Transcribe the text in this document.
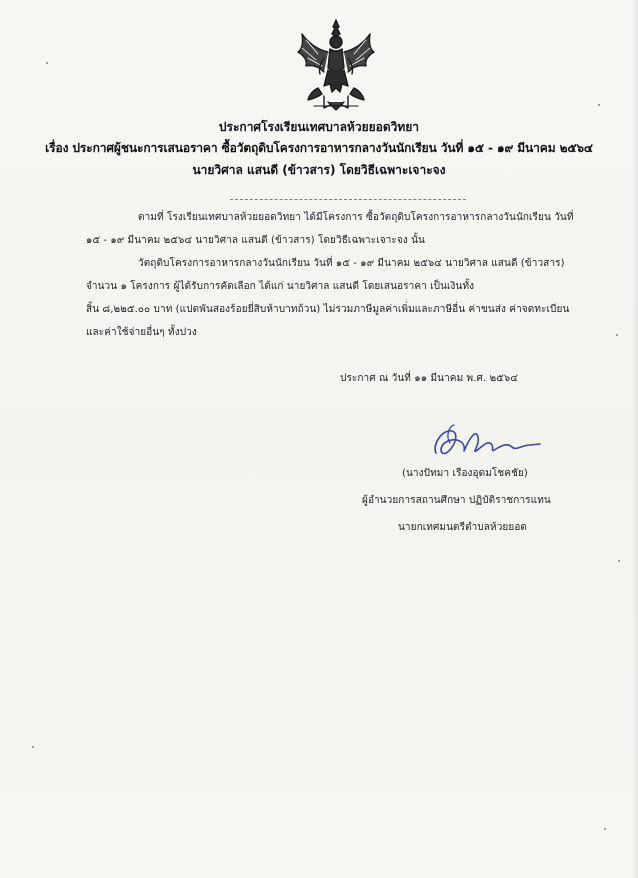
ประกาศโรงเรียนเทศบาลห้วยยอดวิทยา
เรื่อง ประกาศผู้ชนะการเสนอราคา ซื้อวัตถุดิบโครงการอาหารกลางวันนักเรียน วันที่ ๑๕ - ๑๙ มีนาคม ๒๕๖๔
นายวิศาล แสนดี (ข้าวสาร) โดยวิธีเฉพาะเจาะจง
ตามที่ โรงเรียนเทศบาลห้วยยอดวิทยา ได้มีโครงการ ซื้อวัตถุดิบโครงการอาหารกลางวันนักเรียน วันที่
๑๕ - ๑๙ มีนาคม ๒๕๖๔ นายวิศาล แสนดี (ข้าวสาร) โดยวิธีเฉพาะเจาะจง นั้น
วัตถุดิบโครงการอาหารกลางวันนักเรียน วันที่ ๑๕ - ๑๙ มีนาคม ๒๕๖๔ นายวิศาล แสนดี (ข้าวสาร)
จำนวน ๑ โครงการ ผู้ได้รับการคัดเลือก ได้แก่ นายวิศาล แสนดี โดยเสนอราคา เป็นเงินทั้ง
สิ้น ๘,๒๒๕.๐๐ บาท (แปดพันสองร้อยยี่สิบห้าบาทถ้วน) ไม่รวมภาษีมูลค่าเพิ่มและภาษีอื่น ค่าขนส่ง ค่าจดทะเบียน
และค่าใช้จ่ายอื่นๆ ทั้งปวง
ประกาศ ณ วันที่ ๑๑ มีนาคม พ.ศ. ๒๕๖๔
(นางปัทมา เรืองอุดมโชคชัย)
ผู้อำนวยการสถานศึกษา ปฏิบัติราชการแทน
นายกเทศมนตรีตำบลห้วยยอด
